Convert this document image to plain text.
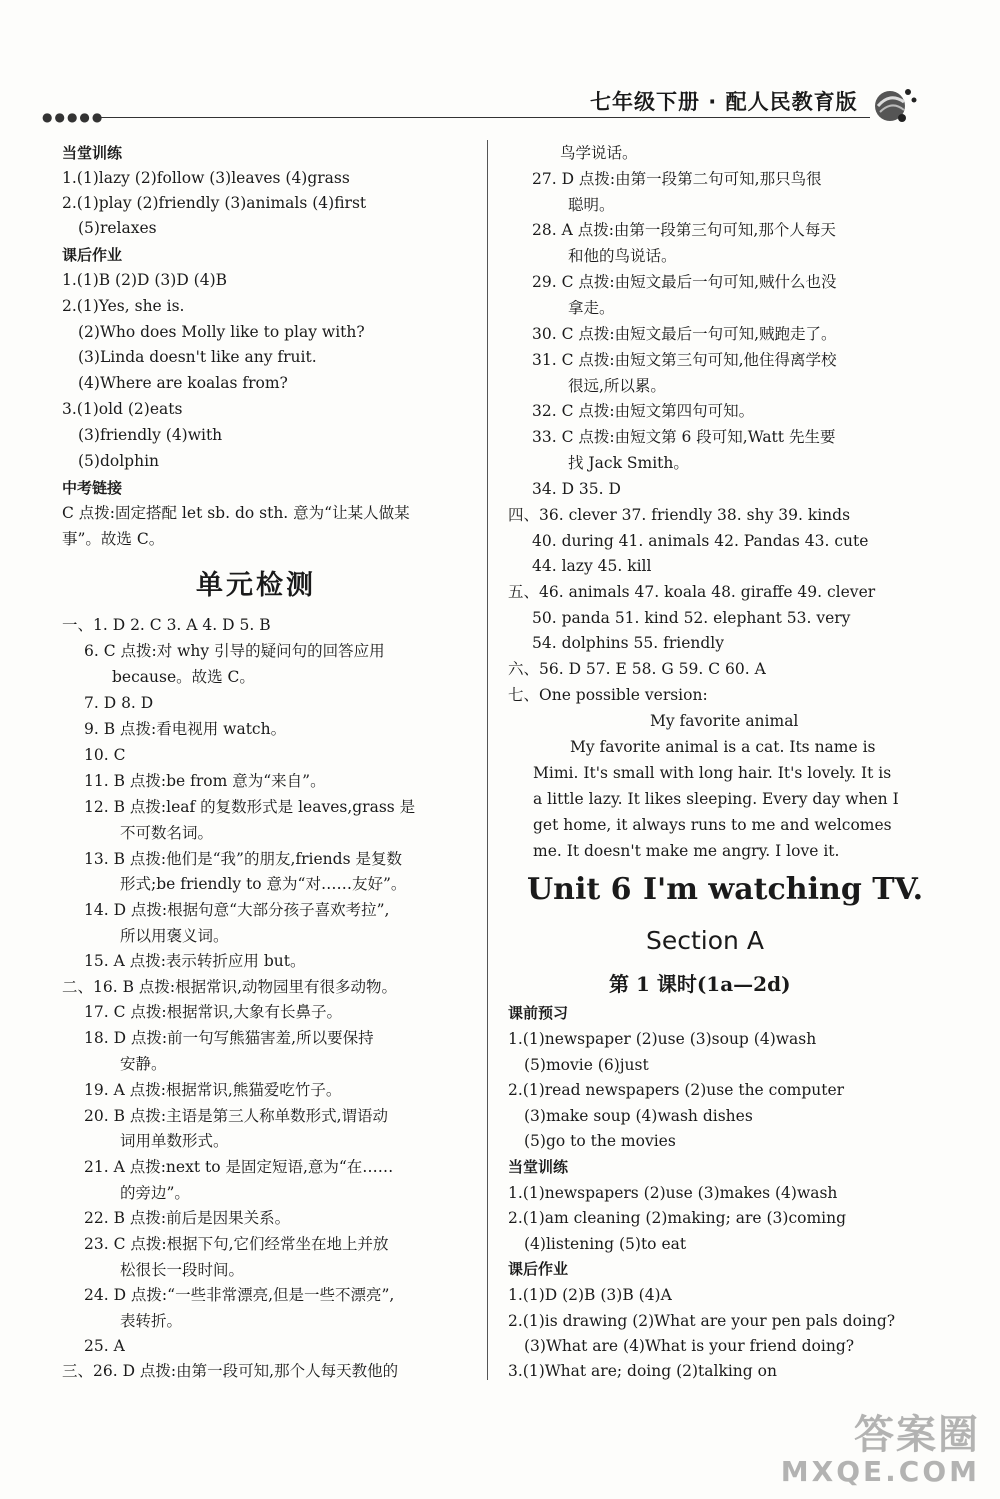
●●●●●
七年级下册 · 配人民教育版
当堂训练
1.(1)lazy (2)follow (3)leaves (4)grass
2.(1)play (2)friendly (3)animals (4)first
(5)relaxes
课后作业
1.(1)B (2)D (3)D (4)B
2.(1)Yes, she is.
(2)Who does Molly like to play with?
(3)Linda doesn't like any fruit.
(4)Where are koalas from?
3.(1)old (2)eats
(3)friendly (4)with
(5)dolphin
中考链接
C 点拨:固定搭配 let sb. do sth. 意为“让某人做某
事”。故选 C。
一、1. D 2. C 3. A 4. D 5. B
6. C 点拨:对 why 引导的疑问句的回答应用
because。故选 C。
7. D 8. D
9. B 点拨:看电视用 watch。
10. C
11. B 点拨:be from 意为“来自”。
12. B 点拨:leaf 的复数形式是 leaves,grass 是
不可数名词。
13. B 点拨:他们是“我”的朋友,friends 是复数
形式;be friendly to 意为“对……友好”。
14. D 点拨:根据句意“大部分孩子喜欢考拉”,
所以用褒义词。
15. A 点拨:表示转折应用 but。
二、16. B 点拨:根据常识,动物园里有很多动物。
17. C 点拨:根据常识,大象有长鼻子。
18. D 点拨:前一句写熊猫害羞,所以要保持
安静。
19. A 点拨:根据常识,熊猫爱吃竹子。
20. B 点拨:主语是第三人称单数形式,谓语动
词用单数形式。
21. A 点拨:next to 是固定短语,意为“在……
的旁边”。
22. B 点拨:前后是因果关系。
23. C 点拨:根据下句,它们经常坐在地上并放
松很长一段时间。
24. D 点拨:“一些非常漂亮,但是一些不漂亮”,
表转折。
25. A
三、26. D 点拨:由第一段可知,那个人每天教他的
单元检测
鸟学说话。
27. D 点拨:由第一段第二句可知,那只鸟很
聪明。
28. A 点拨:由第一段第三句可知,那个人每天
和他的鸟说话。
29. C 点拨:由短文最后一句可知,贼什么也没
拿走。
30. C 点拨:由短文最后一句可知,贼跑走了。
31. C 点拨:由短文第三句可知,他住得离学校
很远,所以累。
32. C 点拨:由短文第四句可知。
33. C 点拨:由短文第 6 段可知,Watt 先生要
找 Jack Smith。
34. D 35. D
四、36. clever 37. friendly 38. shy 39. kinds
40. during 41. animals 42. Pandas 43. cute
44. lazy 45. kill
五、46. animals 47. koala 48. giraffe 49. clever
50. panda 51. kind 52. elephant 53. very
54. dolphins 55. friendly
六、56. D 57. E 58. G 59. C 60. A
七、One possible version:
My favorite animal
My favorite animal is a cat. Its name is
Mimi. It's small with long hair. It's lovely. It is
a little lazy. It likes sleeping. Every day when I
get home, it always runs to me and welcomes
me. It doesn't make me angry. I love it.
课前预习
1.(1)newspaper (2)use (3)soup (4)wash
(5)movie (6)just
2.(1)read newspapers (2)use the computer
(3)make soup (4)wash dishes
(5)go to the movies
当堂训练
1.(1)newspapers (2)use (3)makes (4)wash
2.(1)am cleaning (2)making; are (3)coming
(4)listening (5)to eat
课后作业
1.(1)D (2)B (3)B (4)A
2.(1)is drawing (2)What are your pen pals doing?
(3)What are (4)What is your friend doing?
3.(1)What are; doing (2)talking on
Unit 6 I'm watching TV.
Section A
第 1 课时(1a—2d)
答案圈
MXQE.COM
